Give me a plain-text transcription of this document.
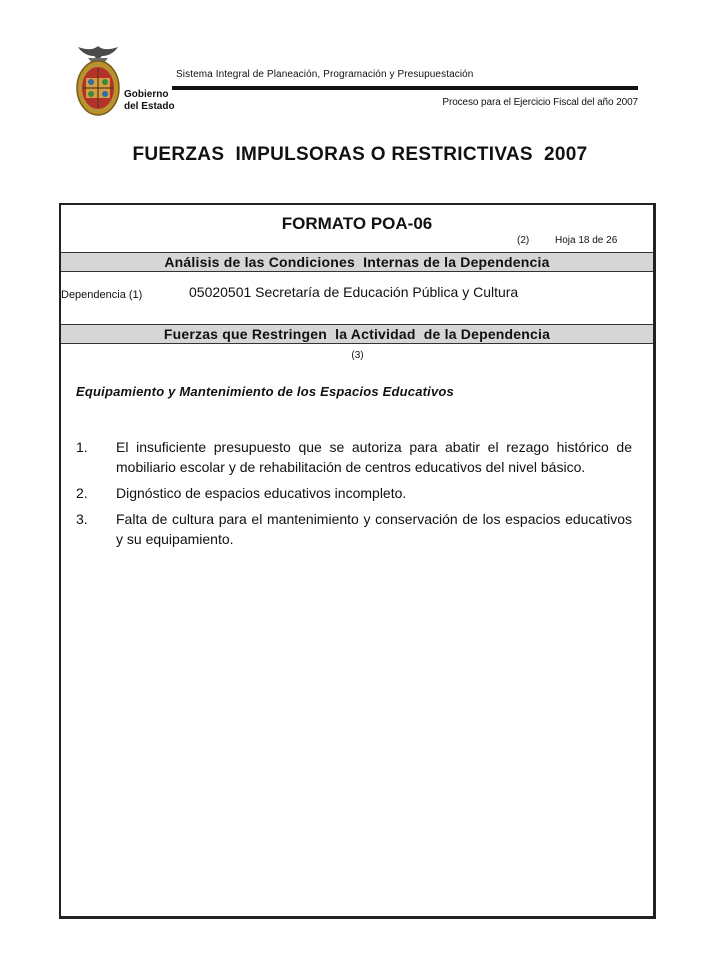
Gobierno
del Estado
Sistema Integral de Planeación, Programación y Presupuestación
Proceso para el Ejercicio Fiscal del año 2007
FUERZAS  IMPULSORAS O RESTRICTIVAS  2007
FORMATO POA-06
(2)	Hoja 18 de 26
Análisis de las Condiciones  Internas de la Dependencia
Dependencia (1)	05020501 Secretaría de Educación Pública y Cultura
Fuerzas que Restringen  la Actividad  de la Dependencia
(3)
Equipamiento y Mantenimiento de los Espacios Educativos
1. El insuficiente presupuesto que se autoriza para abatir el rezago histórico de mobiliario escolar y de rehabilitación de centros educativos del nivel básico.
2. Dignóstico de espacios educativos incompleto.
3. Falta de cultura para el mantenimiento y conservación de los espacios educativos y su equipamiento.
